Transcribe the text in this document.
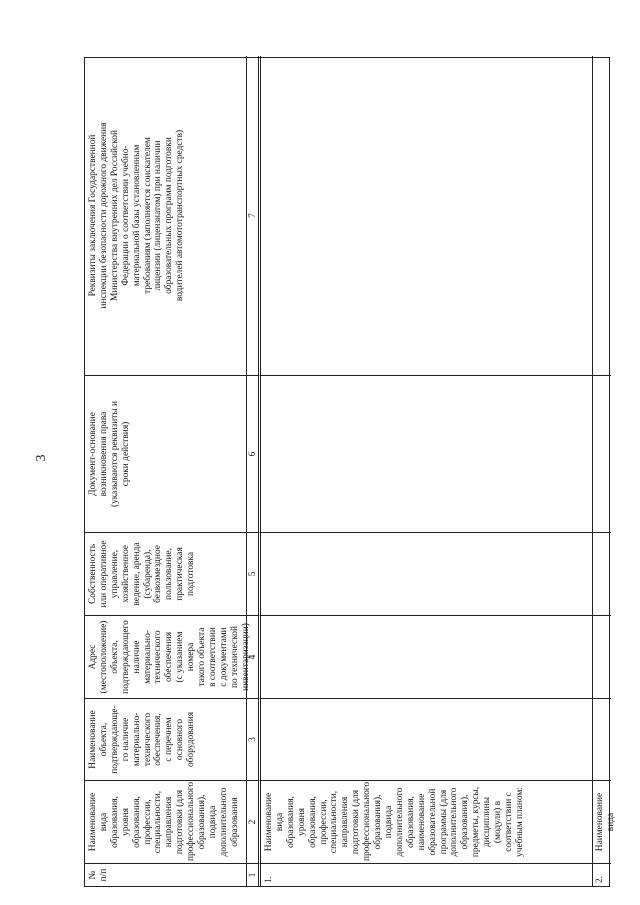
3
№
п/п
Наименование вида
образования, уровня
образования,
профессии,
специальности,
направления
подготовки (для
профессионального
образования),
подвида
дополнительного
образования
Наименование
объекта,
подтверждающе-
го наличие
материально-
технического
обеспечения,
с перечнем
основного
оборудования
Адрес (местоположение)
объекта,
подтверждающего
наличие материально-
технического
обеспечения
(с указанием номера
такого объекта
в соответствии
с документами
по технической
инвентаризации)
Собственность
или оперативное
управление,
хозяйственное
ведение, аренда
(субаренда),
безвозмездное
пользование,
практическая
подготовка
Документ-основание
возникновения права
(указываются реквизиты и
сроки действия)
Реквизиты заключения Государственной
инспекции безопасности дорожного движения
Министерства внутренних дел Российской
Федерации о соответствии учебно-
материальной базы установленным
требованиям (заполняется соискателем
лицензии (лицензиатом) при наличии
образовательных программ подготовки
водителей автомототранспортных средств)
1
2
3
4
5
6
7
1.
Наименование вида
образования, уровня
образования,
профессии,
специальности,
направления
подготовки (для
профессионального
образования),
подвида
дополнительного
образования,
наименование
образовательной
программы (для
дополнительного
образования),
предметы, курсы,
дисциплины
(модули) в
соответствии с
учебным планом:
2.
Наименование вида
